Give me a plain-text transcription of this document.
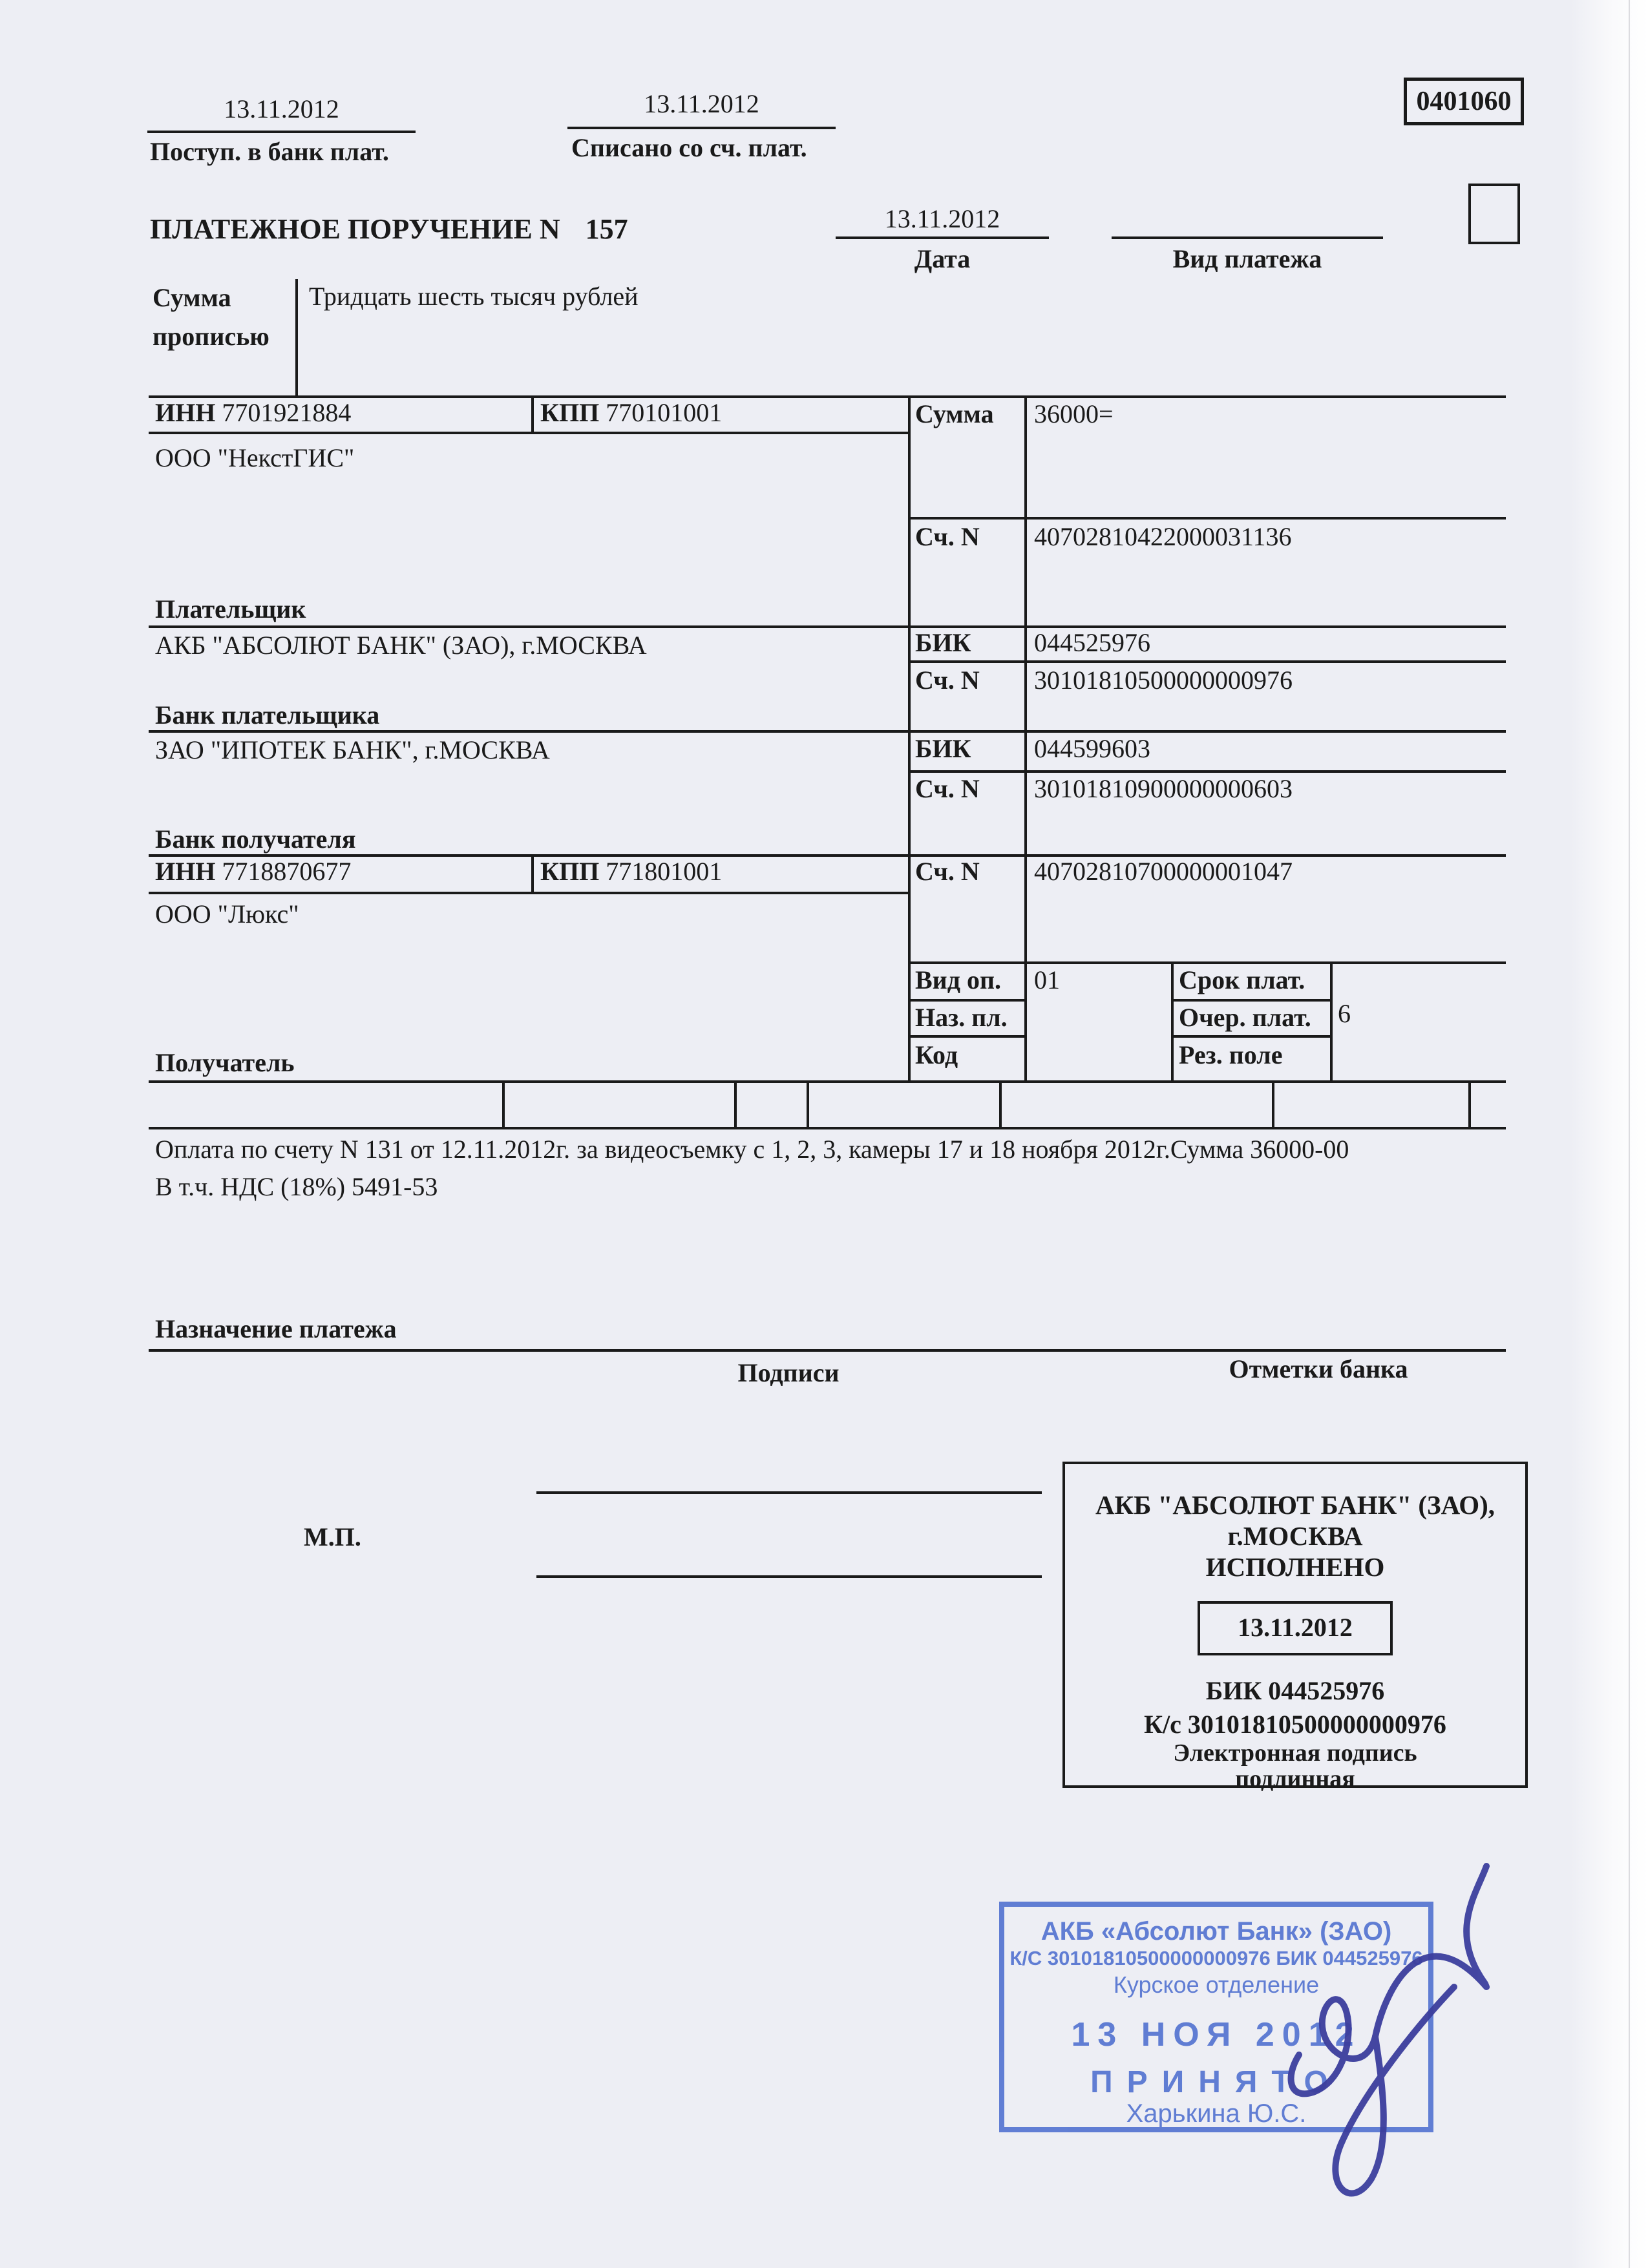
13.11.2012
Поступ. в банк плат.
13.11.2012
Списано со сч. плат.
0401060
ПЛАТЕЖНОЕ ПОРУЧЕНИЕ N 157	13.11.2012
Дата	Вид платежа
Сумма
прописью
Тридцать шесть тысяч рублей
ИНН 7701921884	КПП 770101001
ООО "НекстГИС"
Плательщик
АКБ "АБСОЛЮТ БАНК" (ЗАО), г.МОСКВА
Банк плательщика
ЗАО "ИПОТЕК БАНК", г.МОСКВА
Банк получателя
ИНН 7718870677	КПП 771801001
ООО "Люкс"
Получатель
Сумма 36000=
Сч. N 40702810422000031136
БИК 044525976
Сч. N 30101810500000000976
БИК 044599603
Сч. N 30101810900000000603
Сч. N 40702810700000001047
Вид оп. 01	Срок плат.
Наз. пл.	Очер. плат. 6
Код	Рез. поле
Оплата по счету N 131 от 12.11.2012г. за видеосъемку с 1, 2, 3, камеры 17 и 18 ноября 2012г.Сумма 36000-00
В т.ч. НДС (18%) 5491-53
Назначение платежа
Подписи	Отметки банка
М.П.
АКБ "АБСОЛЮТ БАНК" (ЗАО),
г.МОСКВА
ИСПОЛНЕНО
13.11.2012
БИК 044525976
К/с 30101810500000000976
Электронная подпись
подлинная
АКБ «Абсолют Банк» (ЗАО)
К/С 30101810500000000976 БИК 044525976
Курское отделение
13 НОЯ 2012
ПРИНЯТО
Харькина Ю.С.
